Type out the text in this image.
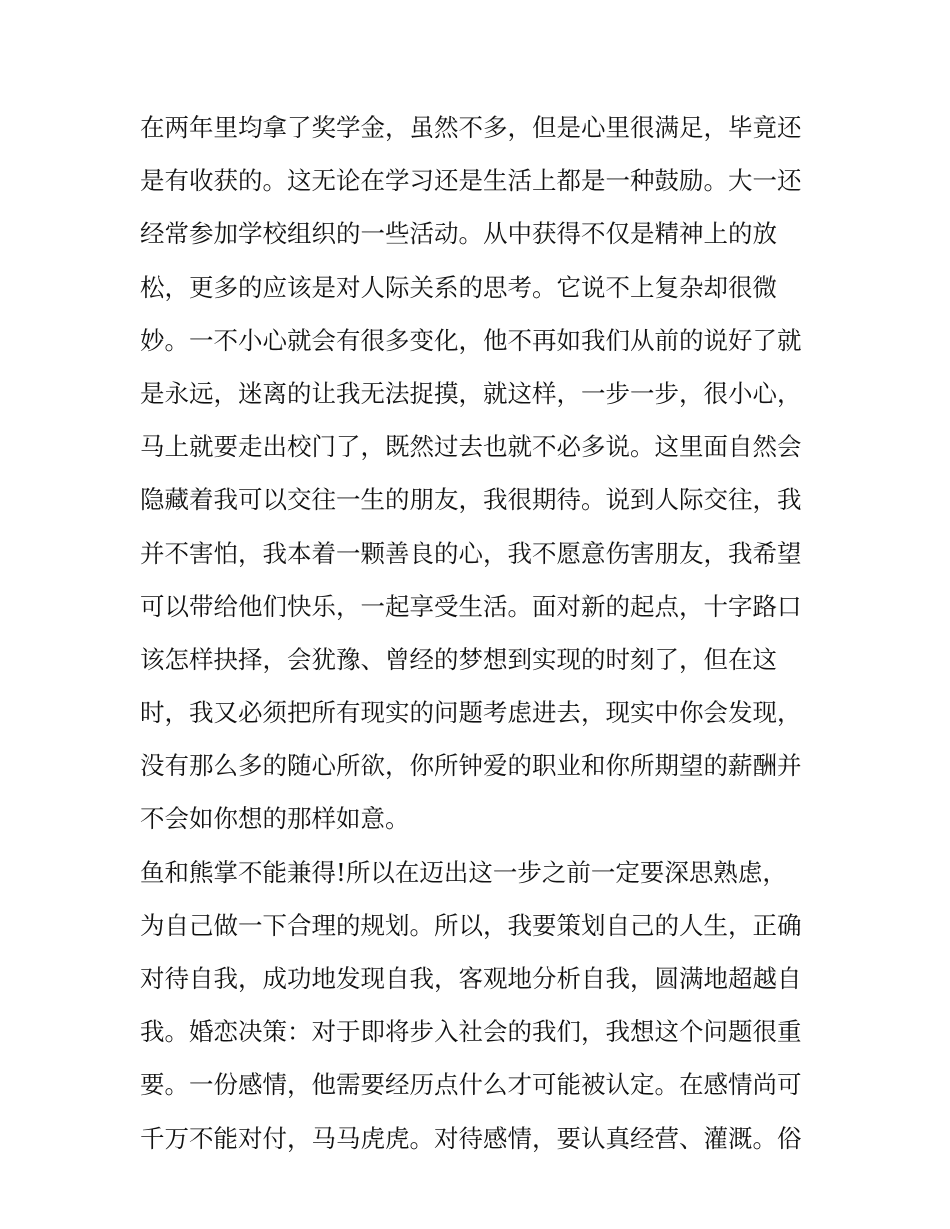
在两年里均拿了奖学金，虽然不多，但是心里很满足，毕竟还
是有收获的。这无论在学习还是生活上都是一种鼓励。大一还
经常参加学校组织的一些活动。从中获得不仅是精神上的放
松，更多的应该是对人际关系的思考。它说不上复杂却很微
妙。一不小心就会有很多变化，他不再如我们从前的说好了就
是永远，迷离的让我无法捉摸，就这样，一步一步，很小心，
马上就要走出校门了，既然过去也就不必多说。这里面自然会
隐藏着我可以交往一生的朋友，我很期待。说到人际交往，我
并不害怕，我本着一颗善良的心，我不愿意伤害朋友，我希望
可以带给他们快乐，一起享受生活。面对新的起点，十字路口
该怎样抉择，会犹豫、曾经的梦想到实现的时刻了，但在这
时，我又必须把所有现实的问题考虑进去，现实中你会发现，
没有那么多的随心所欲，你所钟爱的职业和你所期望的薪酬并
不会如你想的那样如意。
鱼和熊掌不能兼得!所以在迈出这一步之前一定要深思熟虑，
为自己做一下合理的规划。所以，我要策划自己的人生，正确
对待自我，成功地发现自我，客观地分析自我，圆满地超越自
我。婚恋决策：对于即将步入社会的我们，我想这个问题很重
要。一份感情，他需要经历点什么才可能被认定。在感情尚可
千万不能对付，马马虎虎。对待感情，要认真经营、灌溉。俗
